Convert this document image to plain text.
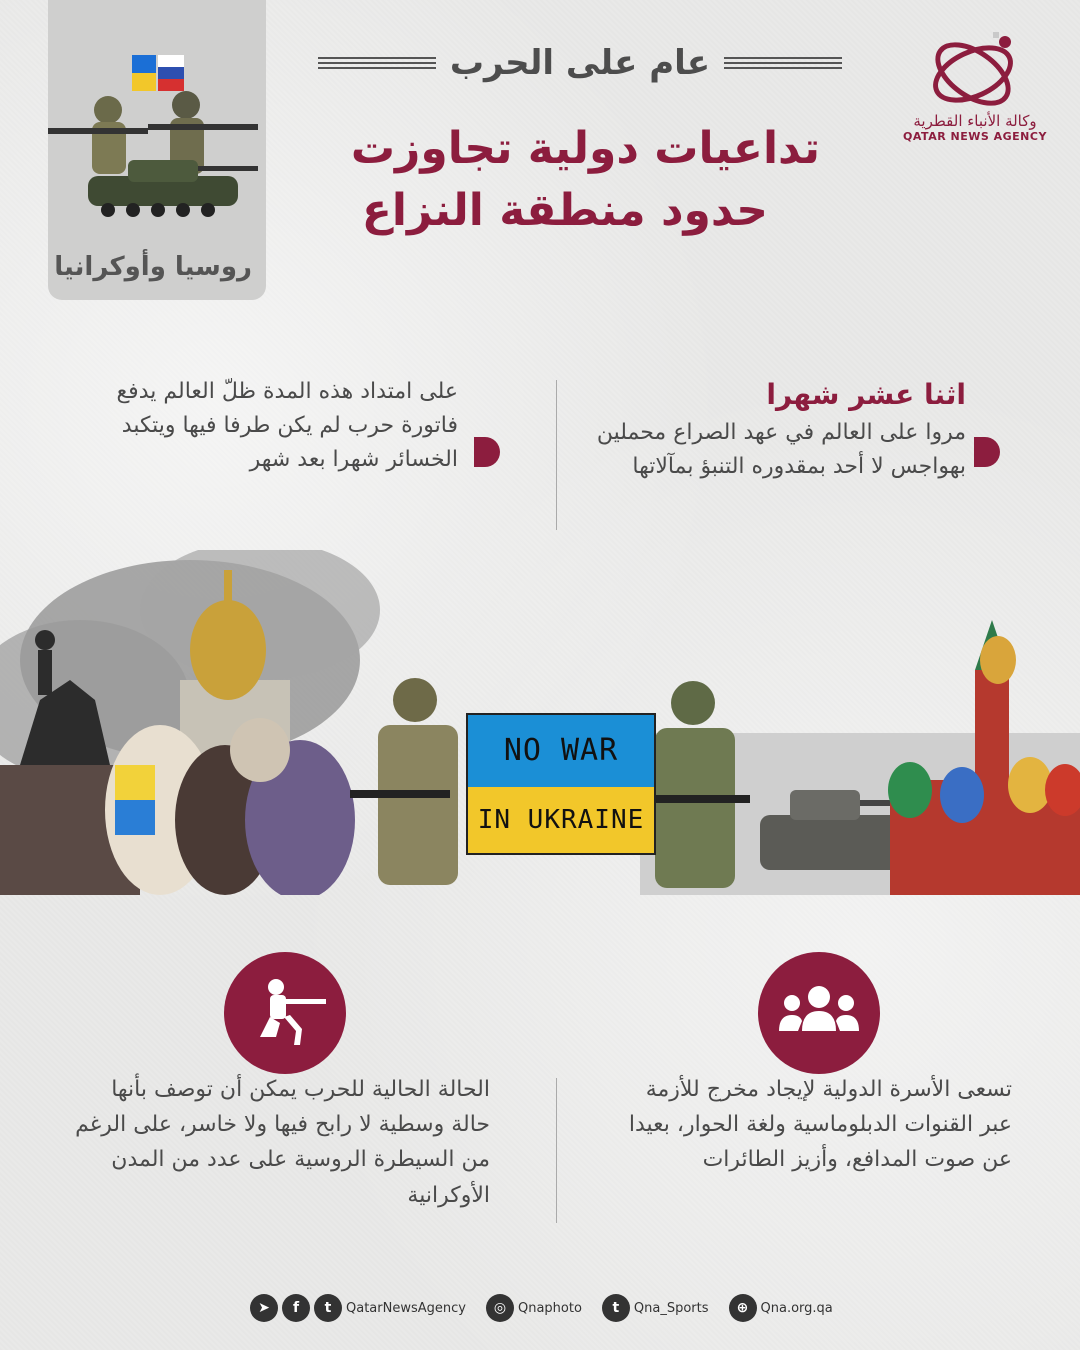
روسيا وأوكرانيا
عام على الحرب
تداعيات دولية تجاوزت
حدود منطقة النزاع
وكالة الأنباء القطرية
QATAR NEWS AGENCY
اثنا عشر شهرا
مروا على العالم في عهد الصراع محملين بهواجس لا أحد بمقدوره التنبؤ بمآلاتها
على امتداد هذه المدة ظلّ العالم يدفع فاتورة حرب لم يكن طرفا فيها ويتكبد الخسائر شهرا بعد شهر
NO WAR
IN UKRAINE
تسعى الأسرة الدولية لإيجاد مخرج للأزمة عبر القنوات الدبلوماسية ولغة الحوار، بعيدا عن صوت المدافع، وأزيز الطائرات
الحالة الحالية للحرب يمكن أن توصف بأنها حالة وسطية لا رابح فيها ولا خاسر، على الرغم من السيطرة الروسية على عدد من المدن الأوكرانية
➤	f	t	QatarNewsAgency	◎ Qnaphoto	t	Qna_Sports	⊕ Qna.org.qa
